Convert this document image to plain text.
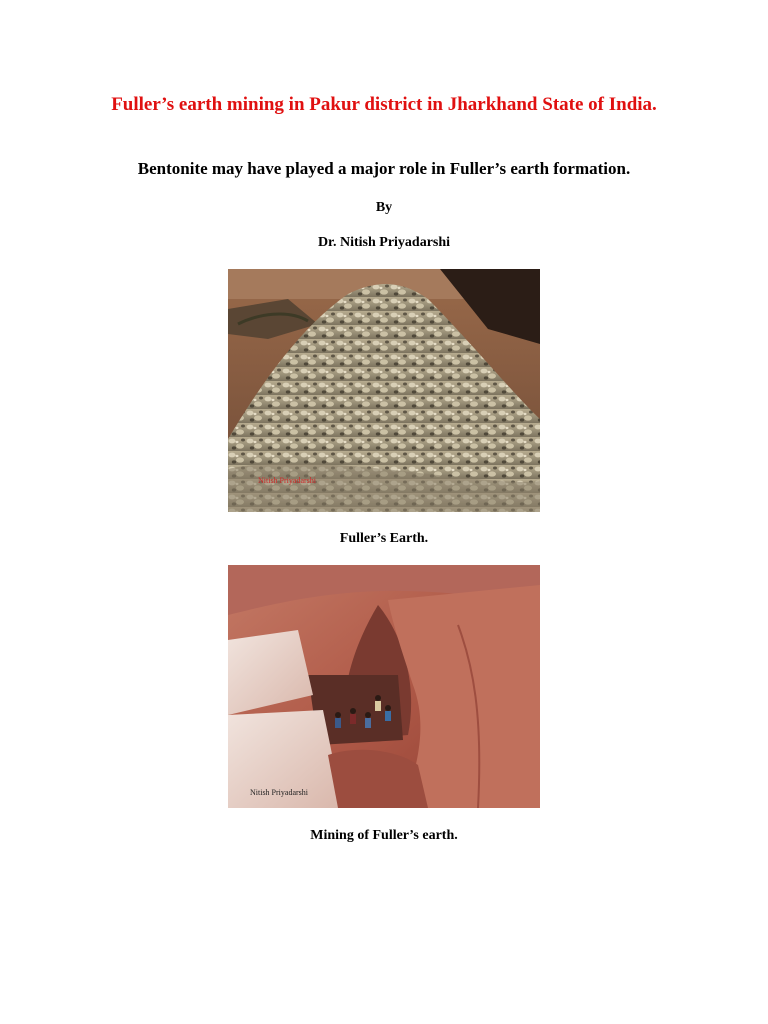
Fuller’s earth mining in Pakur district in Jharkhand State of India.
Bentonite may have played a major role in Fuller’s earth formation.
By
Dr. Nitish Priyadarshi
Nitish Priyadarshi
Fuller’s Earth.
Nitish Priyadarshi
Mining of Fuller’s earth.
